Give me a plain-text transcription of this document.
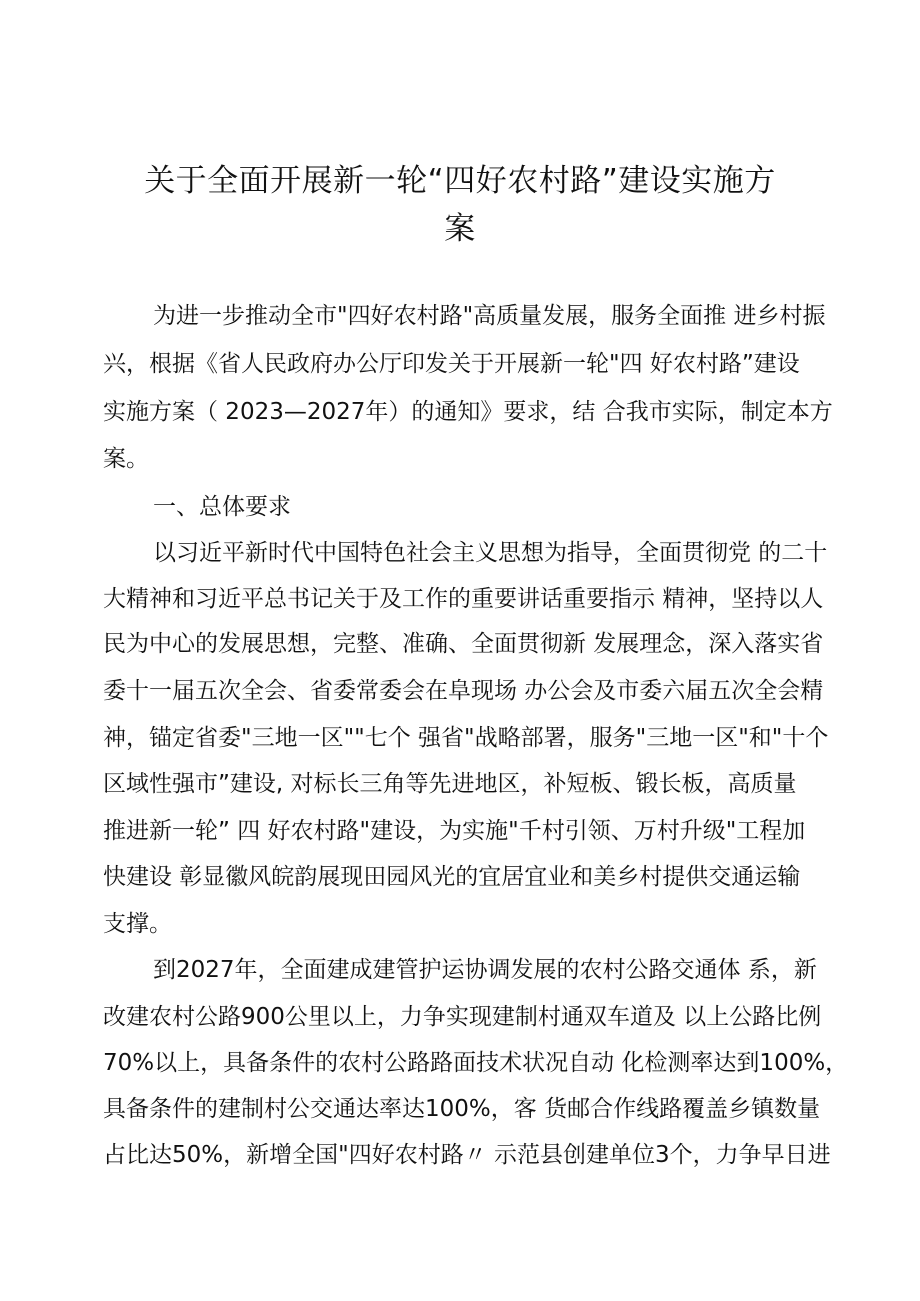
关于全面开展新一轮“四好农村路”建设实施方
案
为进一步推动全市"四好农村路"高质量发展，服务全面推 进乡村振
兴，根据《省人民政府办公厅印发关于开展新一轮"四 好农村路”建设
实施方案（ 2023—2027年）的通知》要求，结 合我市实际，制定本方
案。
一、总体要求
以习近平新时代中国特色社会主义思想为指导，全面贯彻党 的二十
大精神和习近平总书记关于及工作的重要讲话重要指示 精神，坚持以人
民为中心的发展思想，完整、准确、全面贯彻新 发展理念，深入落实省
委十一届五次全会、省委常委会在阜现场 办公会及市委六届五次全会精
神，锚定省委"三地一区""七个 强省"战略部署，服务"三地一区"和"十个
区域性强市”建设, 对标长三角等先进地区，补短板、锻长板，高质量
推进新一轮” 四 好农村路"建设，为实施"千村引领、万村升级"工程加
快建设 彰显徽风皖韵展现田园风光的宜居宜业和美乡村提供交通运输
支撑。
到2027年，全面建成建管护运协调发展的农村公路交通体 系，新
改建农村公路900公里以上，力争实现建制村通双车道及 以上公路比例
70%以上，具备条件的农村公路路面技术状况自动 化检测率达到100%，
具备条件的建制村公交通达率达100%，客 货邮合作线路覆盖乡镇数量
占比达50%，新增全国"四好农村路〃 示范县创建单位3个，力争早日进
